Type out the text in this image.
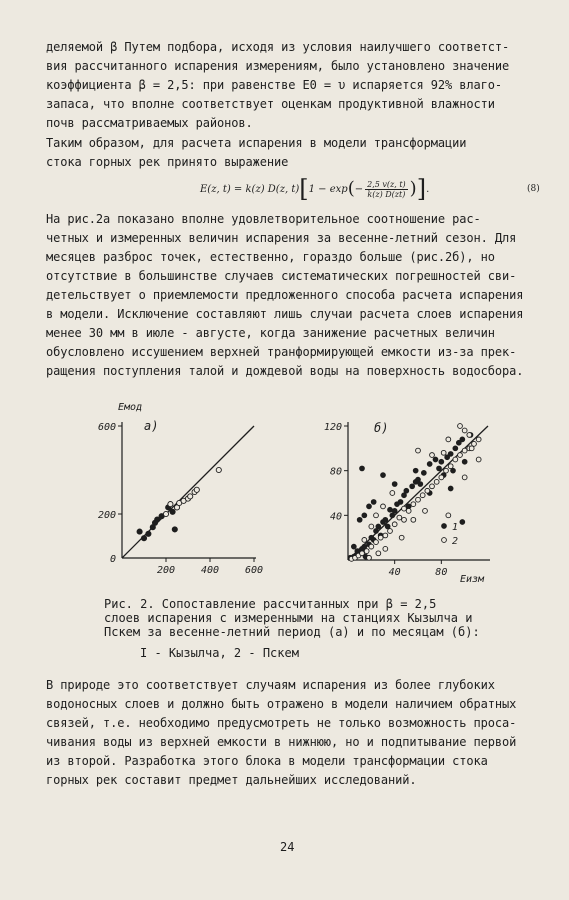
деляемой β Путем подбора, исходя из условия наилучшего соответст-
вия рассчитанного испарения измерениям, было установлено значение
коэффициента β = 2,5: при равенстве E0 = υ испаряется 92% влаго-
запаса, что вполне соответствует оценкам продуктивной влажности
почв рассматриваемых районов.

Таким образом, для расчета испарения в модели трансформации
стока горных рек принято выражение

E(z, t) = k(z) D(z, t) [ 1 − exp ( − $\frac{2,5 v(z, t)}{k(z) D(zt)}$ ) ] .	(8)

На рис.2а показано вполне удовлетворительное соотношение рас-
четных и измеренных величин испарения за весенне-летний сезон. Для
месяцев разброс точек, естественно, гораздо больше (рис.2б), но
отсутствие в большинстве случаев систематических погрешностей сви-
детельствует о приемлемости предложенного способа расчета испарения
в модели. Исключение составляют лишь случаи расчета слоев испарения
менее 30 мм в июле - августе, когда занижение расчетных величин
обусловлено иссушением верхней транформирующей емкости из-за прек-
ращения поступления талой и дождевой воды на поверхность водосбора.

Eмод
а)
200	400	600
0
200
600	б)
Eизм
40	80
40
80
120
1
2
Рис. 2. Сопоставление рассчитанных при β = 2,5
слоев испарения с измеренными на станциях Кызылча и
Пскем за весенне-летний период (а) и по месяцам (б):
I - Кызылча, 2 - Пскем

В природе это соответствует случаям испарения из более глубоких
водоносных слоев и должно быть отражено в модели наличием обратных
связей, т.е. необходимо предусмотреть не только возможность проса-
чивания воды из верхней емкости в нижнюю, но и подпитывание первой
из второй. Разработка этого блока в модели трансформации стока
горных рек составит предмет дальнейших исследований.

24
